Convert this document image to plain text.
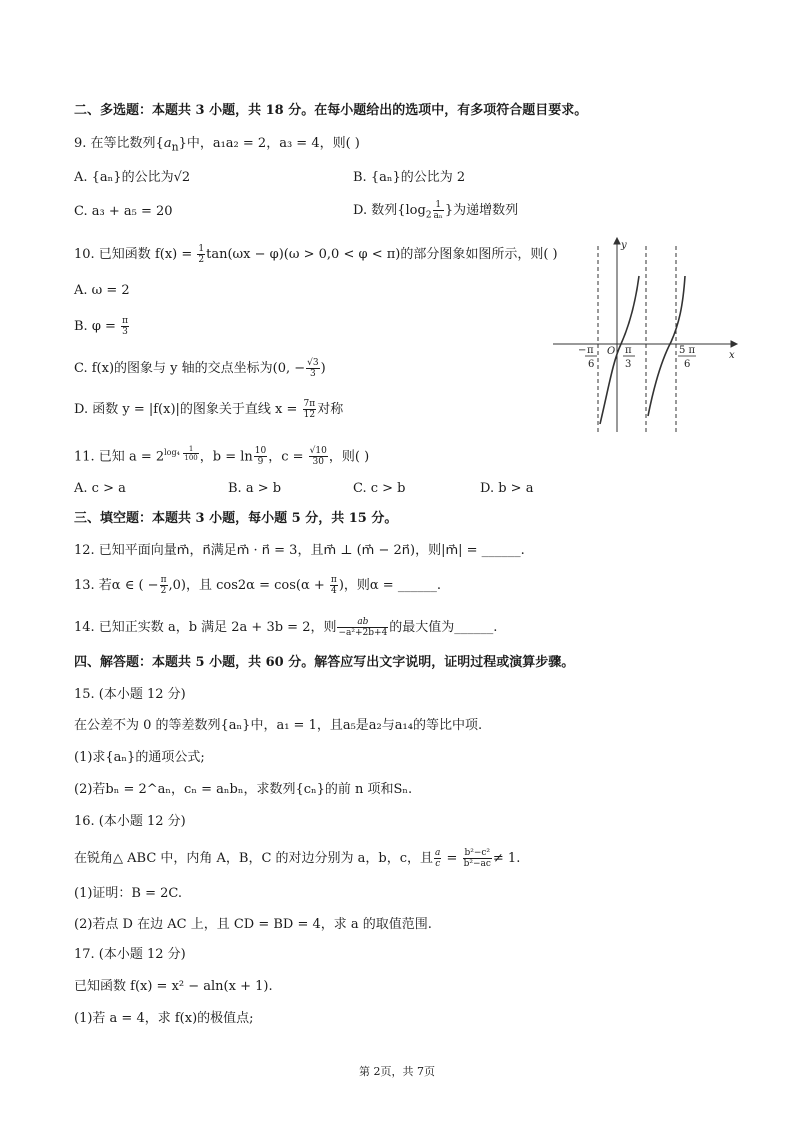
二、多选题：本题共 3 小题，共 18 分。在每小题给出的选项中，有多项符合题目要求。
9. 在等比数列$\{a_n\}$中，a₁a₂ = 2，a₃ = 4，则( )
A. {aₙ}的公比为√2	B. {aₙ}的公比为 2
C. a₃ + a₅ = 20	D. 数列{$\log_2 \frac{1}{\text{aₙ}}$ }为递增数列
10. 已知函数 $f(x) = \frac{1}{2} \tan(\omega x - \varphi)(\omega > 0,0 < \varphi < \pi)$的部分图象如图所示，则( )
A. ω = 2
B. $\varphi = \frac{\pi}{3}$
C. f(x)的图象与 y 轴的交点坐标为(0, − $\frac{√3}{3}$ )
D. 函数 y = |f(x)|的图象关于直线 $x = \frac{7\pi}{12}$ 对称
y
x
O
− π
6
π
3
5 π
6
11. 已知 $a = 2^{log_4 \frac{1}{100}}$ ，$b = \ln \frac{10}{9}$ ，$c = \frac{√10}{30}$ ，则( )
A. c > a	B. a > b	C. c > b	D. b > a
三、填空题：本题共 3 小题，每小题 5 分，共 15 分。
12. 已知平面向量m⃗，n⃗满足m⃗ · n⃗ = 3，且m⃗ ⊥ (m⃗ − 2n⃗)，则|m⃗| = ______.
13. 若α ∈ ( − $\frac{\pi}{2} ,0$)，且 $\cos 2\alpha = \cos(\alpha + \frac{\pi}{4}$ )，则α = ______.
14. 已知正实数 a，b 满足 2a + 3b = 2，则 $\frac{ab}{\text{−a²+2b+4}}$ 的最大值为______.
四、解答题：本题共 5 小题，共 60 分。解答应写出文字说明，证明过程或演算步骤。
15. (本小题 12 分)
在公差不为 0 的等差数列{aₙ}中，a₁ = 1，且a₅是a₂与a₁₄的等比中项.
(1)求{aₙ}的通项公式;
(2)若bₙ = 2^aₙ，cₙ = aₙbₙ，求数列{cₙ}的前 n 项和Sₙ.
16. (本小题 12 分)
在锐角△ ABC 中，内角 A，B，C 的对边分别为 a，b，c，且 $\frac{a}{c} = \frac{\text{b²−c²}}{\text{b²−ac}} \ne 1$.
(1)证明：B = 2C.
(2)若点 D 在边 AC 上，且 CD = BD = 4，求 a 的取值范围.
17. (本小题 12 分)
已知函数 f(x) = x² − aln(x + 1).
(1)若 a = 4，求 f(x)的极值点;
第 2页，共 7页
